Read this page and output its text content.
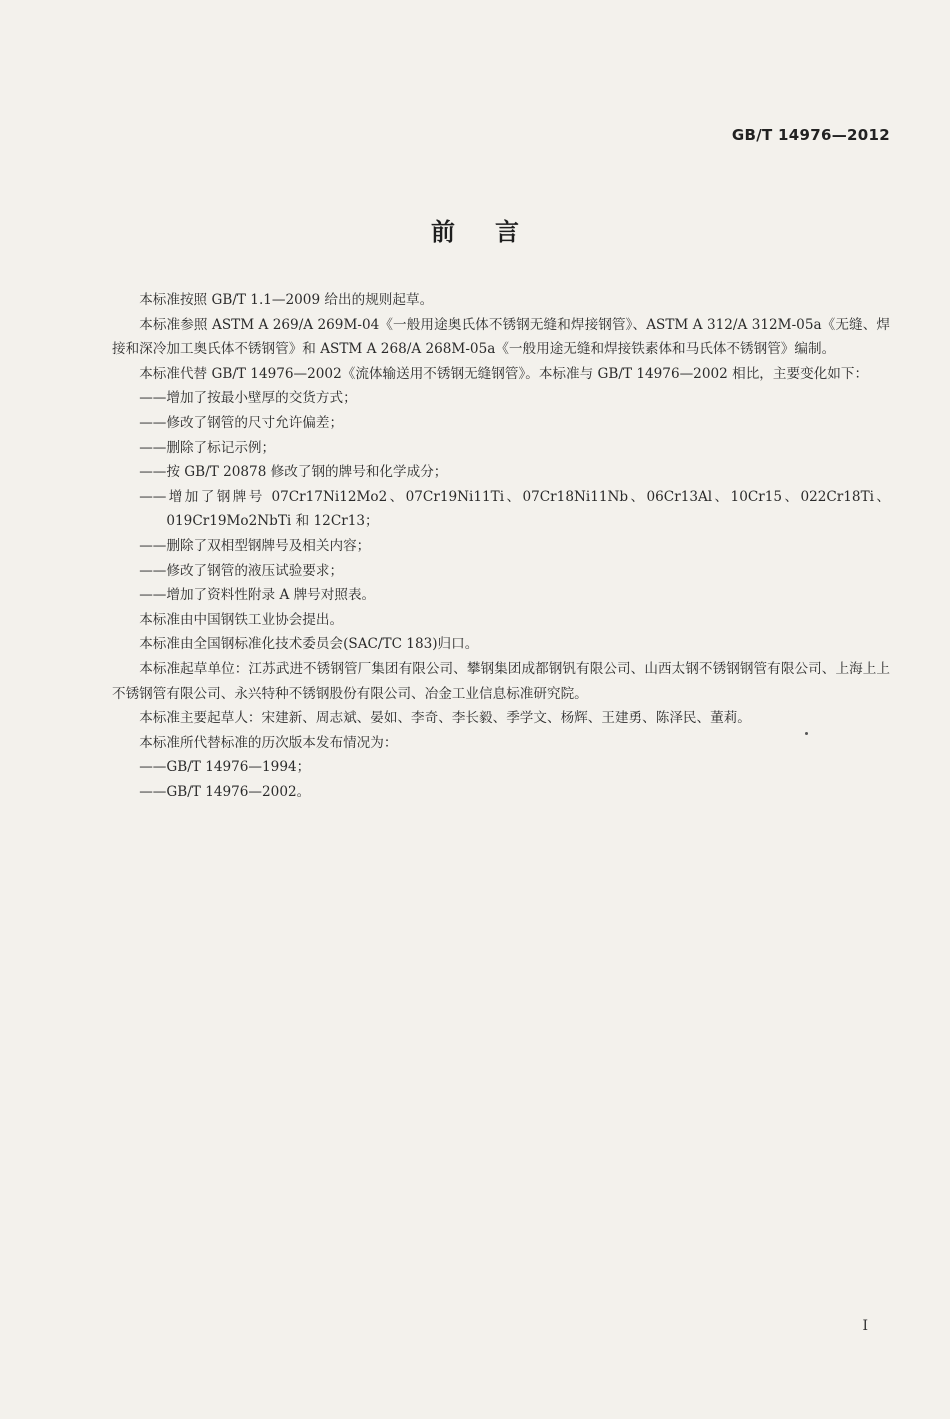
GB/T 14976—2012
前言

本标准按照 GB/T 1.1—2009 给出的规则起草。

本标准参照 ASTM A 269/A 269M-04《一般用途奥氏体不锈钢无缝和焊接钢管》、ASTM A 312/A 312M-05a《无缝、焊接和深冷加工奥氏体不锈钢管》和 ASTM A 268/A 268M-05a《一般用途无缝和焊接铁素体和马氏体不锈钢管》编制。

本标准代替 GB/T 14976—2002《流体输送用不锈钢无缝钢管》。本标准与 GB/T 14976—2002 相比，主要变化如下：

——增加了按最小壁厚的交货方式；

——修改了钢管的尺寸允许偏差；

——删除了标记示例；

——按 GB/T 20878 修改了钢的牌号和化学成分；

——增加了钢牌号 07Cr17Ni12Mo2、07Cr19Ni11Ti、07Cr18Ni11Nb、06Cr13Al、10Cr15、022Cr18Ti、019Cr19Mo2NbTi 和 12Cr13；

——删除了双相型钢牌号及相关内容；

——修改了钢管的液压试验要求；

——增加了资料性附录 A 牌号对照表。

本标准由中国钢铁工业协会提出。

本标准由全国钢标准化技术委员会(SAC/TC 183)归口。

本标准起草单位：江苏武进不锈钢管厂集团有限公司、攀钢集团成都钢钒有限公司、山西太钢不锈钢钢管有限公司、上海上上不锈钢管有限公司、永兴特种不锈钢股份有限公司、冶金工业信息标准研究院。

本标准主要起草人：宋建新、周志斌、晏如、李奇、李长毅、季学文、杨辉、王建勇、陈泽民、董莉。

本标准所代替标准的历次版本发布情况为：

——GB/T 14976—1994；

——GB/T 14976—2002。

I
